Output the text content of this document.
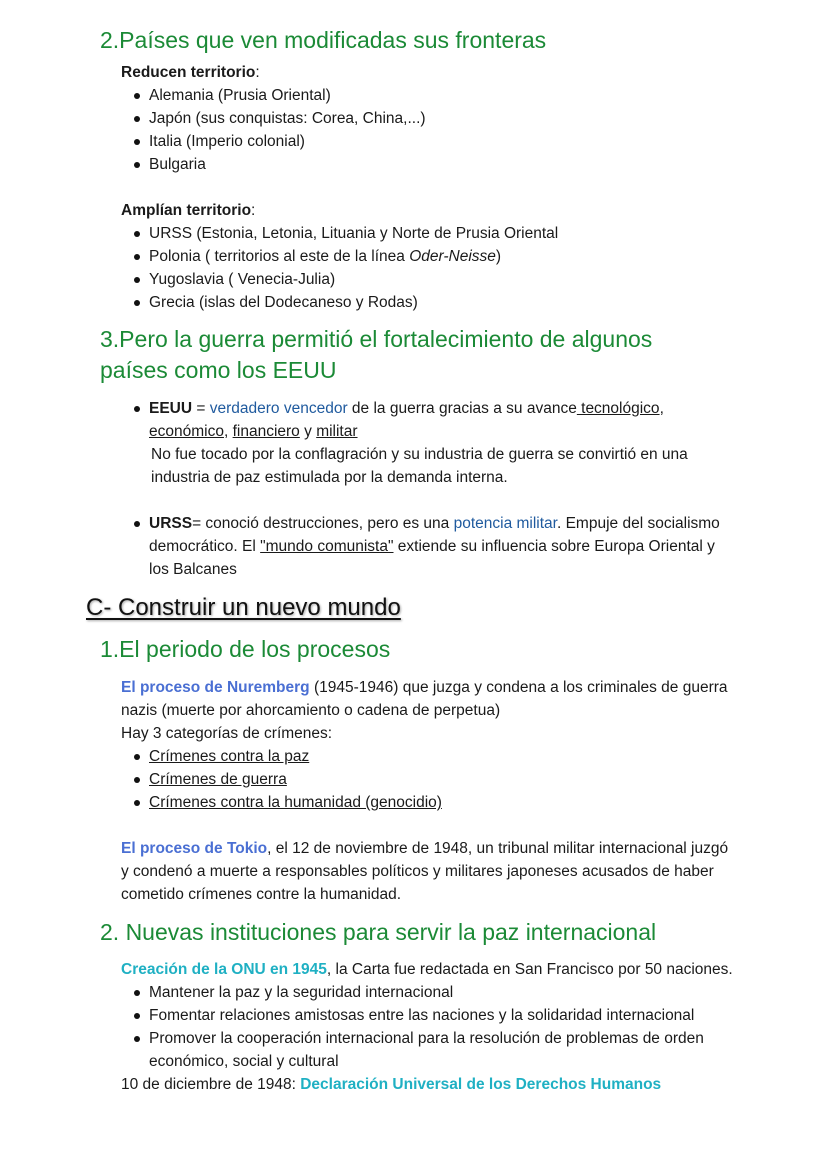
2.Países que ven modificadas sus fronteras

Reducen territorio:

Alemania (Prusia Oriental)
Japón (sus conquistas: Corea, China,...)
Italia (Imperio colonial)
Bulgaria

Amplían territorio:

URSS (Estonia, Letonia, Lituania y Norte de Prusia Oriental
Polonia ( territorios al este de la línea Oder-Neisse)
Yugoslavia ( Venecia-Julia)
Grecia (islas del Dodecaneso y Rodas)
3.Pero la guerra permitió el fortalecimiento de algunos países como los EEUU
EEUU = verdadero vencedor de la guerra gracias a su avance tecnológico, económico, financiero y militar
No fue tocado por la conflagración y su industria de guerra se convirtió en una industria de paz estimulada por la demanda interna.
URSS= conoció destrucciones, pero es una potencia militar. Empuje del socialismo democrático. El "mundo comunista" extiende su influencia sobre Europa Oriental y los Balcanes
C- Construir un nuevo mundo
1.El periodo de los procesos

El proceso de Nuremberg (1945-1946) que juzga y condena a los criminales de guerra nazis (muerte por ahorcamiento o cadena de perpetua)

Hay 3 categorías de crímenes:

Crímenes contra la paz
Crímenes de guerra
Crímenes contra la humanidad (genocidio)

El proceso de Tokio, el 12 de noviembre de 1948, un tribunal militar internacional juzgó y condenó a muerte a responsables políticos y militares japoneses acusados de haber cometido crímenes contre la humanidad.

2. Nuevas instituciones para servir la paz internacional

Creación de la ONU en 1945, la Carta fue redactada en San Francisco por 50 naciones.

Mantener la paz y la seguridad internacional
Fomentar relaciones amistosas entre las naciones y la solidaridad internacional
Promover la cooperación internacional para la resolución de problemas de orden económico, social y cultural

10 de diciembre de 1948: Declaración Universal de los Derechos Humanos
